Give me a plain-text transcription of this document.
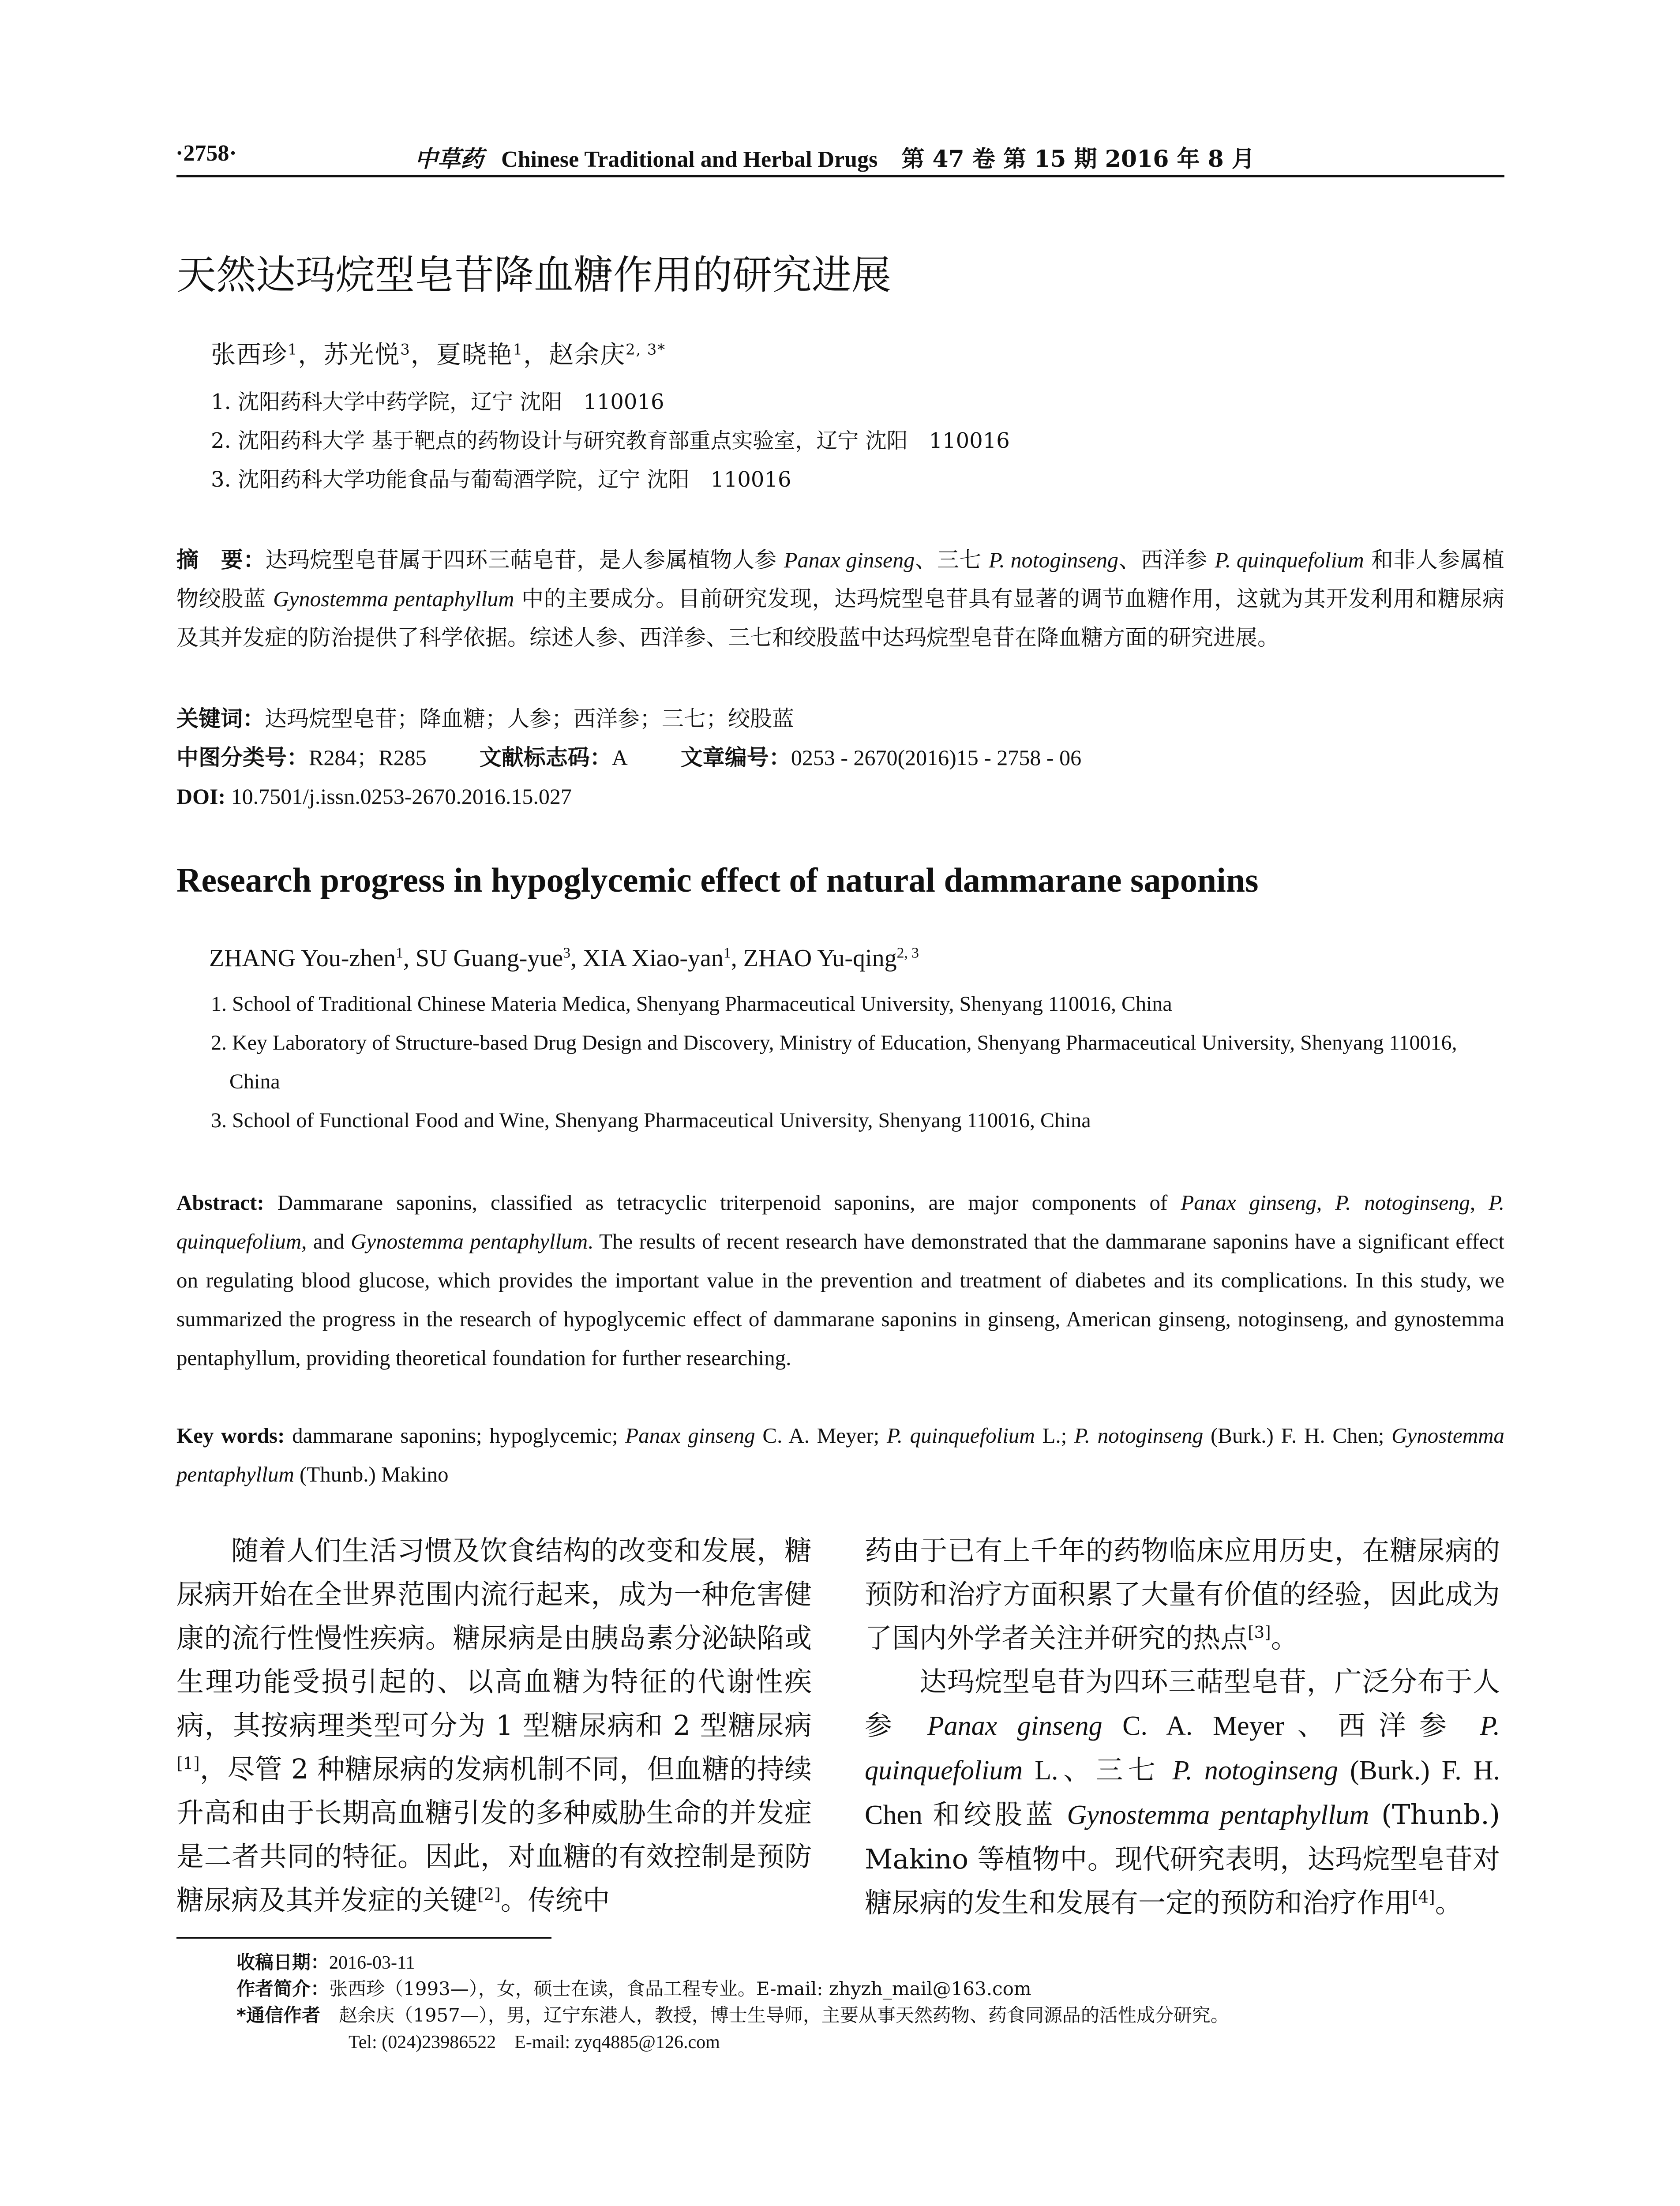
·2758·	中草药 Chinese Traditional and Herbal Drugs 第 47 卷 第 15 期 2016 年 8 月
天然达玛烷型皂苷降血糖作用的研究进展
张西珍$^1$，苏光悦$^3$，夏晓艳$^1$，赵余庆$^{2, 3*}$
1. 沈阳药科大学中药学院，辽宁 沈阳　110016
2. 沈阳药科大学 基于靶点的药物设计与研究教育部重点实验室，辽宁 沈阳　110016
3. 沈阳药科大学功能食品与葡萄酒学院，辽宁 沈阳　110016
摘　要：达玛烷型皂苷属于四环三萜皂苷，是人参属植物人参 Panax ginseng、三七 P. notoginseng、西洋参 P. quinquefolium 和非人参属植物绞股蓝 Gynostemma pentaphyllum 中的主要成分。目前研究发现，达玛烷型皂苷具有显著的调节血糖作用，这就为其开发利用和糖尿病及其并发症的防治提供了科学依据。综述人参、西洋参、三七和绞股蓝中达玛烷型皂苷在降血糖方面的研究进展。
关键词：达玛烷型皂苷；降血糖；人参；西洋参；三七；绞股蓝
中图分类号：R284；R285 文献标志码：A 文章编号：0253 - 2670(2016)15 - 2758 - 06
DOI: 10.7501/j.issn.0253-2670.2016.15.027
Research progress in hypoglycemic effect of natural dammarane saponins
ZHANG You-zhen$^1$, SU Guang-yue$^3$, XIA Xiao-yan$^1$, ZHAO Yu-qing$^{2, 3}$
1. School of Traditional Chinese Materia Medica, Shenyang Pharmaceutical University, Shenyang 110016, China
2. Key Laboratory of Structure-based Drug Design and Discovery, Ministry of Education, Shenyang Pharmaceutical University, Shenyang 110016, China
3. School of Functional Food and Wine, Shenyang Pharmaceutical University, Shenyang 110016, China
Abstract: Dammarane saponins, classified as tetracyclic triterpenoid saponins, are major components of Panax ginseng, P. notoginseng, P. quinquefolium, and Gynostemma pentaphyllum. The results of recent research have demonstrated that the dammarane saponins have a significant effect on regulating blood glucose, which provides the important value in the prevention and treatment of diabetes and its complications. In this study, we summarized the progress in the research of hypoglycemic effect of dammarane saponins in ginseng, American ginseng, notoginseng, and gynostemma pentaphyllum, providing theoretical foundation for further researching.
Key words: dammarane saponins; hypoglycemic; Panax ginseng C. A. Meyer; P. quinquefolium L.; P. notoginseng (Burk.) F. H. Chen; Gynostemma pentaphyllum (Thunb.) Makino
随着人们生活习惯及饮食结构的改变和发展，糖尿病开始在全世界范围内流行起来，成为一种危害健康的流行性慢性疾病。糖尿病是由胰岛素分泌缺陷或生理功能受损引起的、以高血糖为特征的代谢性疾病，其按病理类型可分为 1 型糖尿病和 2 型糖尿病[1]，尽管 2 种糖尿病的发病机制不同，但血糖的持续升高和由于长期高血糖引发的多种威胁生命的并发症是二者共同的特征。因此，对血糖的有效控制是预防糖尿病及其并发症的关键[2]。传统中
药由于已有上千年的药物临床应用历史，在糖尿病的预防和治疗方面积累了大量有价值的经验，因此成为了国内外学者关注并研究的热点[3]。
达玛烷型皂苷为四环三萜型皂苷，广泛分布于人参 Panax ginseng C. A. Meyer、西洋参 P. quinquefolium L.、三七 P. notoginseng (Burk.) F. H. Chen 和绞股蓝 Gynostemma pentaphyllum (Thunb.) Makino 等植物中。现代研究表明，达玛烷型皂苷对糖尿病的发生和发展有一定的预防和治疗作用[4]。
收稿日期：2016-03-11
作者简介：张西珍（1993—），女，硕士在读，食品工程专业。E-mail: zhyzh_mail@163.com
*通信作者　赵余庆（1957—），男，辽宁东港人，教授，博士生导师，主要从事天然药物、药食同源品的活性成分研究。
Tel: (024)23986522　E-mail: zyq4885@126.com
